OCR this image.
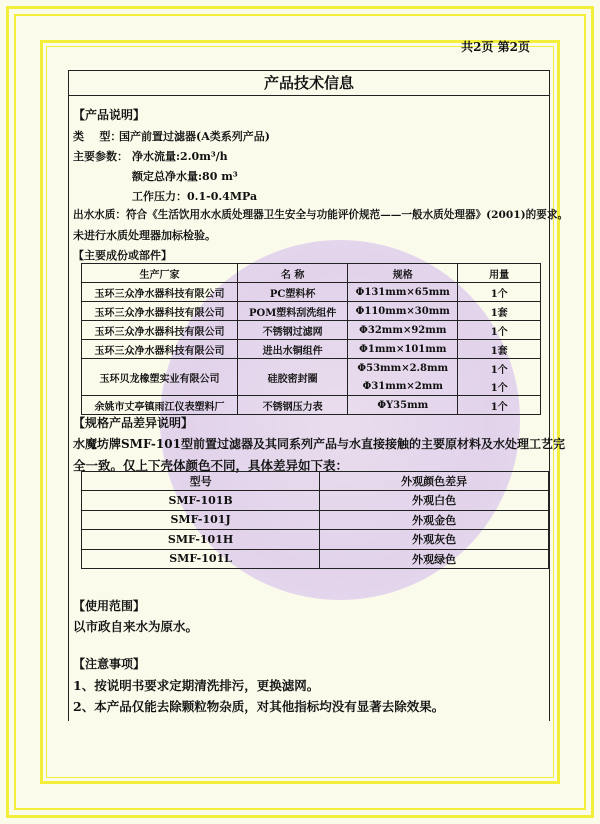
共2页 第2页
产品技术信息
【产品说明】
类    型：
国产前置过滤器(A类系列产品)
主要参数： 净水流量:2.0m³/h
额定总净水量:80 m³
工作压力：0.1-0.4MPa
出水水质：符合《生活饮用水水质处理器卫生安全与功能评价规范——一般水质处理器》(2001)的要求。
未进行水质处理器加标检验。
【主要成份或部件】
生产厂家	名 称	规格	用量
玉环三众净水器科技有限公司	PC塑料杯	Φ131mm×65mm	1个
玉环三众净水器科技有限公司	POM塑料刮洗组件	Φ110mm×30mm	1套
玉环三众净水器科技有限公司	不锈钢过滤网	Φ32mm×92mm	1个
玉环三众净水器科技有限公司	进出水铜组件	Φ1mm×101mm	1套
玉环贝龙橡塑实业有限公司	硅胶密封圈	Φ53mm×2.8mm	1个
		Φ31mm×2mm	1个
余姚市丈亭镇雨江仪表塑料厂	不锈钢压力表	ΦY35mm	1个
【规格产品差异说明】
水魔坊牌SMF-101型前置过滤器及其同系列产品与水直接接触的主要原材料及水处理工艺完
全一致。仅上下壳体颜色不同，具体差异如下表：
型号	外观颜色差异
SMF-101B	外观白色
SMF-101J	外观金色
SMF-101H	外观灰色
SMF-101L	外观绿色
【使用范围】
以市政自来水为原水。
【注意事项】
1、按说明书要求定期清洗排污，更换滤网。
2、本产品仅能去除颗粒物杂质，对其他指标均没有显著去除效果。
